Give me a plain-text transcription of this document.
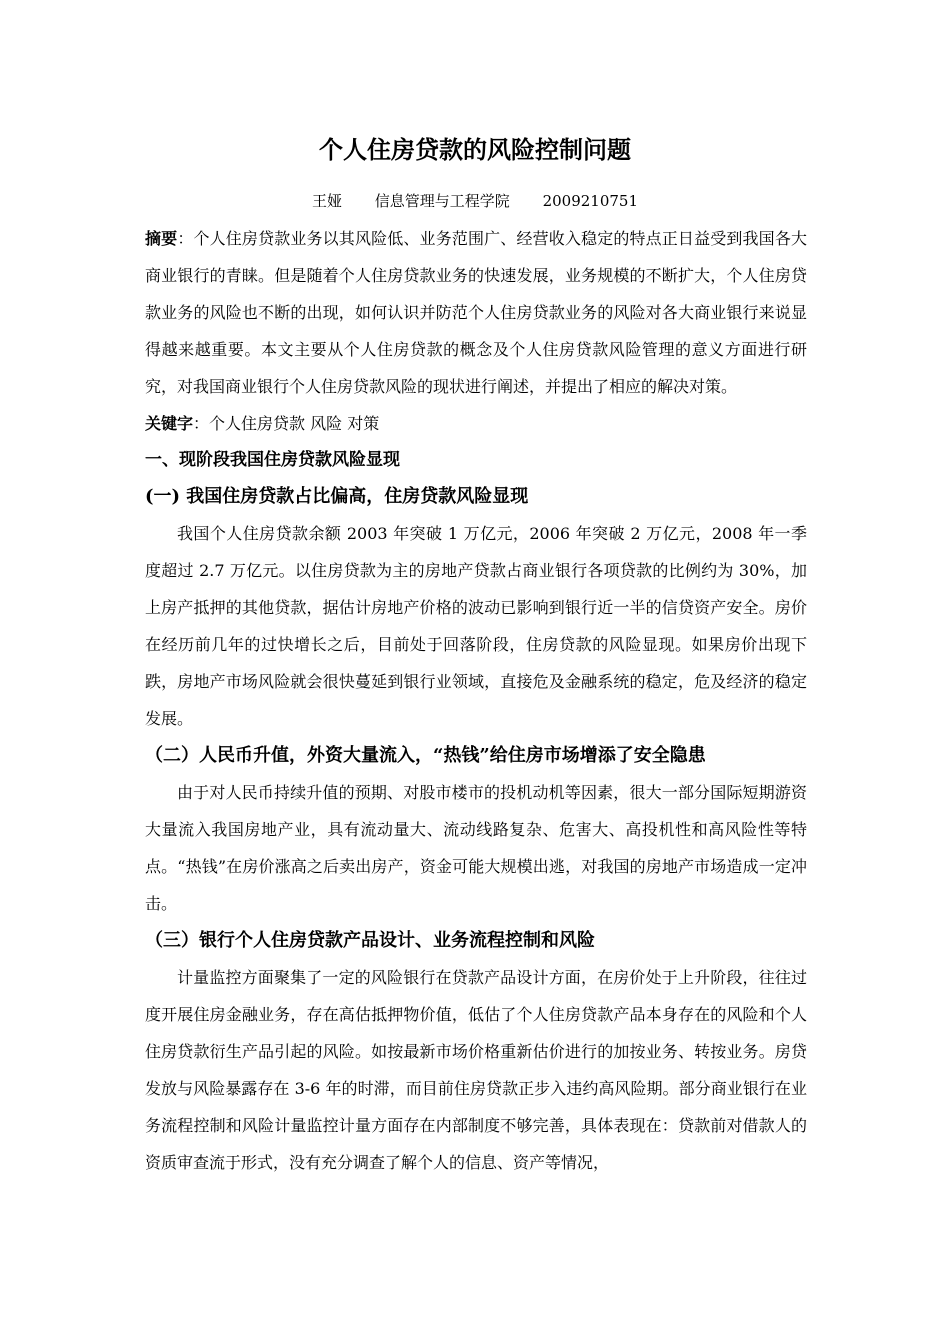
个人住房贷款的风险控制问题
王娅 信息管理与工程学院 2009210751

摘要：个人住房贷款业务以其风险低、业务范围广、经营收入稳定的特点正日益受到我国各大商业银行的青睐。但是随着个人住房贷款业务的快速发展，业务规模的不断扩大，个人住房贷款业务的风险也不断的出现，如何认识并防范个人住房贷款业务的风险对各大商业银行来说显得越来越重要。本文主要从个人住房贷款的概念及个人住房贷款风险管理的意义方面进行研究，对我国商业银行个人住房贷款风险的现状进行阐述，并提出了相应的解决对策。

关键字：个人住房贷款 风险 对策

一、现阶段我国住房贷款风险显现
(一) 我国住房贷款占比偏高，住房贷款风险显现

我国个人住房贷款余额 2003 年突破 1 万亿元，2006 年突破 2 万亿元，2008 年一季度超过 2.7 万亿元。以住房贷款为主的房地产贷款占商业银行各项贷款的比例约为 30%，加上房产抵押的其他贷款，据估计房地产价格的波动已影响到银行近一半的信贷资产安全。房价在经历前几年的过快增长之后，目前处于回落阶段，住房贷款的风险显现。如果房价出现下跌，房地产市场风险就会很快蔓延到银行业领域，直接危及金融系统的稳定，危及经济的稳定发展。

（二）人民币升值，外资大量流入，“热钱”给住房市场增添了安全隐患

由于对人民币持续升值的预期、对股市楼市的投机动机等因素，很大一部分国际短期游资大量流入我国房地产业，具有流动量大、流动线路复杂、危害大、高投机性和高风险性等特点。“热钱”在房价涨高之后卖出房产，资金可能大规模出逃，对我国的房地产市场造成一定冲击。

（三）银行个人住房贷款产品设计、业务流程控制和风险

计量监控方面聚集了一定的风险银行在贷款产品设计方面，在房价处于上升阶段，往往过度开展住房金融业务，存在高估抵押物价值，低估了个人住房贷款产品本身存在的风险和个人住房贷款衍生产品引起的风险。如按最新市场价格重新估价进行的加按业务、转按业务。房贷发放与风险暴露存在 3-6 年的时滞，而目前住房贷款正步入违约高风险期。部分商业银行在业务流程控制和风险计量监控计量方面存在内部制度不够完善，具体表现在：贷款前对借款人的资质审查流于形式，没有充分调查了解个人的信息、资产等情况，
